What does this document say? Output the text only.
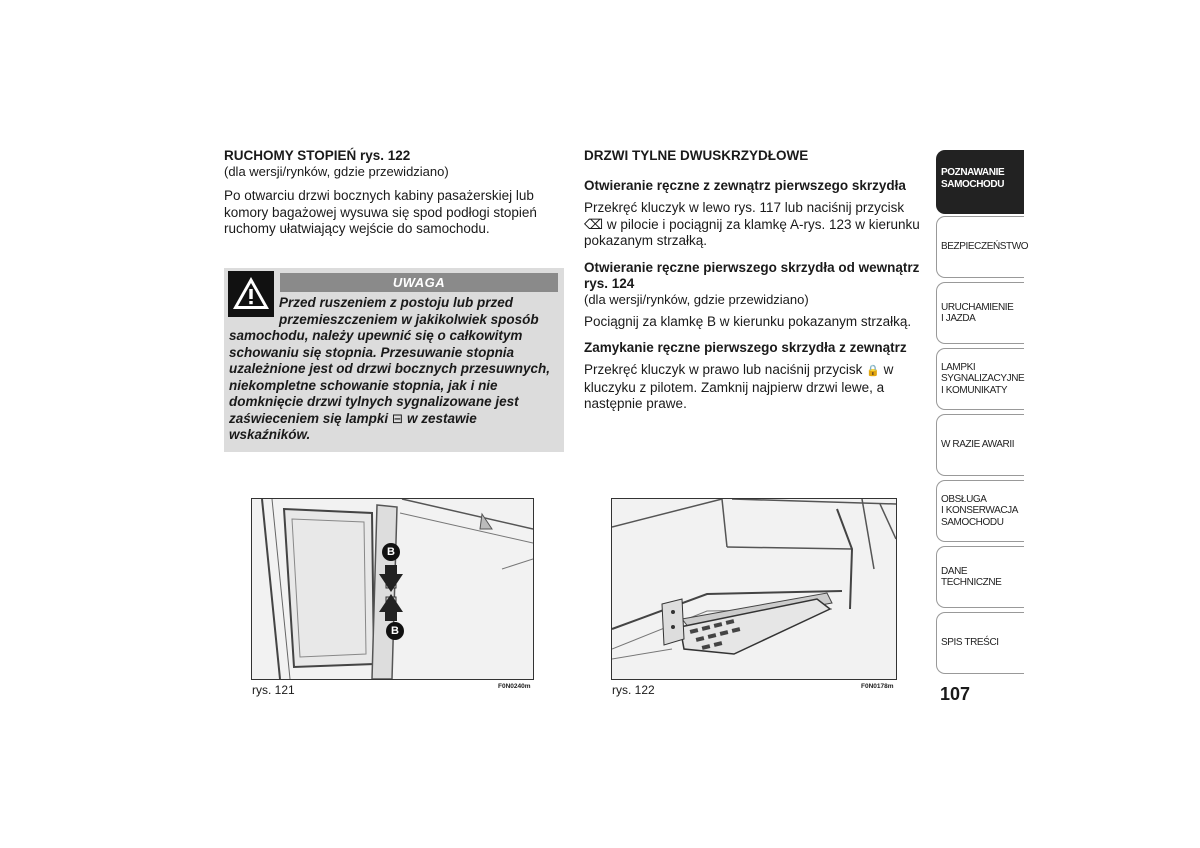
RUCHOMY STOPIEŃ rys. 122
(dla wersji/rynków, gdzie przewidziano)
Po otwarciu drzwi bocznych kabiny pasażerskiej lub komory bagażowej wysuwa się spod podłogi stopień ruchomy ułatwiający wejście do samochodu.
UWAGA
Przed ruszeniem z postoju lub przed przemieszczeniem w jakikolwiek sposób samochodu, należy upewnić się o całkowitym schowaniu się stopnia. Przesuwanie stopnia uzależnione jest od drzwi bocznych przesuwnych, niekompletne schowanie stopnia, jak i nie domknięcie drzwi tylnych sygnalizowane jest zaświeceniem się lampki ⊟ w zestawie wskaźników.
DRZWI TYLNE DWUSKRZYDŁOWE
Otwieranie ręczne z zewnątrz pierwszego skrzydła
Przekręć kluczyk w lewo rys. 117 lub naciśnij przycisk ⌫ w pilocie i pociągnij za klamkę A-rys. 123 w kierunku pokazanym strzałką.
Otwieranie ręczne pierwszego skrzydła od wewnątrz rys. 124
(dla wersji/rynków, gdzie przewidziano)
Pociągnij za klamkę B w kierunku pokazanym strzałką.
Zamykanie ręczne pierwszego skrzydła z zewnątrz
Przekręć kluczyk w prawo lub naciśnij przycisk 🔒 w kluczyku z pilotem. Zamknij najpierw drzwi lewe, a następnie prawe.
B
B
rys. 121	F0N0240m	rys. 122	F0N0178m
POZNAWANIE
SAMOCHODU
BEZPIECZEŃSTWO
URUCHAMIENIE
I JAZDA
LAMPKI
SYGNALIZACYJNE
I KOMUNIKATY
W RAZIE AWARII
OBSŁUGA
I KONSERWACJA
SAMOCHODU
DANE TECHNICZNE
SPIS TREŚCI
107
